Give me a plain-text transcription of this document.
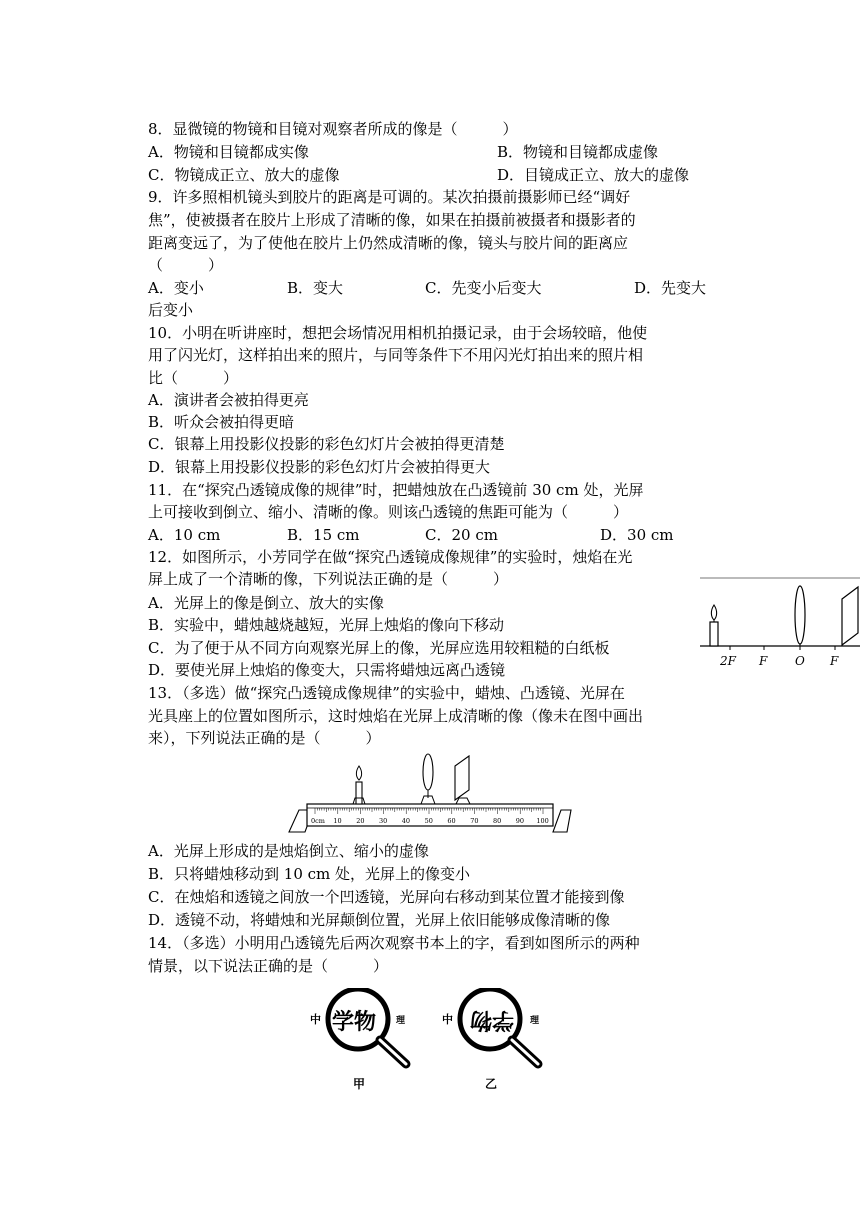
8．显微镜的物镜和目镜对观察者所成的像是（　　　）
A．物镜和目镜都成实像	B．物镜和目镜都成虚像
C．物镜成正立、放大的虚像	D．目镜成正立、放大的虚像
9．许多照相机镜头到胶片的距离是可调的。某次拍摄前摄影师已经“调好
焦”，使被摄者在胶片上形成了清晰的像，如果在拍摄前被摄者和摄影者的
距离变远了，为了使他在胶片上仍然成清晰的像，镜头与胶片间的距离应
（　　　）
A．变小	B．变大	C．先变小后变大	D．先变大
后变小
10．小明在听讲座时，想把会场情况用相机拍摄记录，由于会场较暗，他使
用了闪光灯，这样拍出来的照片，与同等条件下不用闪光灯拍出来的照片相
比（　　　）
A．演讲者会被拍得更亮
B．听众会被拍得更暗
C．银幕上用投影仪投影的彩色幻灯片会被拍得更清楚
D．银幕上用投影仪投影的彩色幻灯片会被拍得更大
11．在“探究凸透镜成像的规律”时，把蜡烛放在凸透镜前 30 cm 处，光屏
上可接收到倒立、缩小、清晰的像。则该凸透镜的焦距可能为（　　　）
A．10 cm	B．15 cm	C．20 cm	D．30 cm
12．如图所示，小芳同学在做“探究凸透镜成像规律”的实验时，烛焰在光
屏上成了一个清晰的像，下列说法正确的是（　　　）
A．光屏上的像是倒立、放大的实像
B．实验中，蜡烛越烧越短，光屏上烛焰的像向下移动
C．为了便于从不同方向观察光屏上的像，光屏应选用较粗糙的白纸板
D．要使光屏上烛焰的像变大，只需将蜡烛远离凸透镜	2F F O F
13．（多选）做“探究凸透镜成像规律”的实验中，蜡烛、凸透镜、光屏在
光具座上的位置如图所示，这时烛焰在光屏上成清晰的像（像未在图中画出
来），下列说法正确的是（　　　）
0cm 10 20 30 40 50 60 70 80 90 100
A．光屏上形成的是烛焰倒立、缩小的虚像
B．只将蜡烛移动到 10 cm 处，光屏上的像变小
C．在烛焰和透镜之间放一个凹透镜，光屏向右移动到某位置才能接到像
D．透镜不动，将蜡烛和光屏颠倒位置，光屏上依旧能够成像清晰的像
14．（多选）小明用凸透镜先后两次观察书本上的字，看到如图所示的两种
情景，以下说法正确的是（　　　）
中 学物 理
甲
中 学物 理
乙
